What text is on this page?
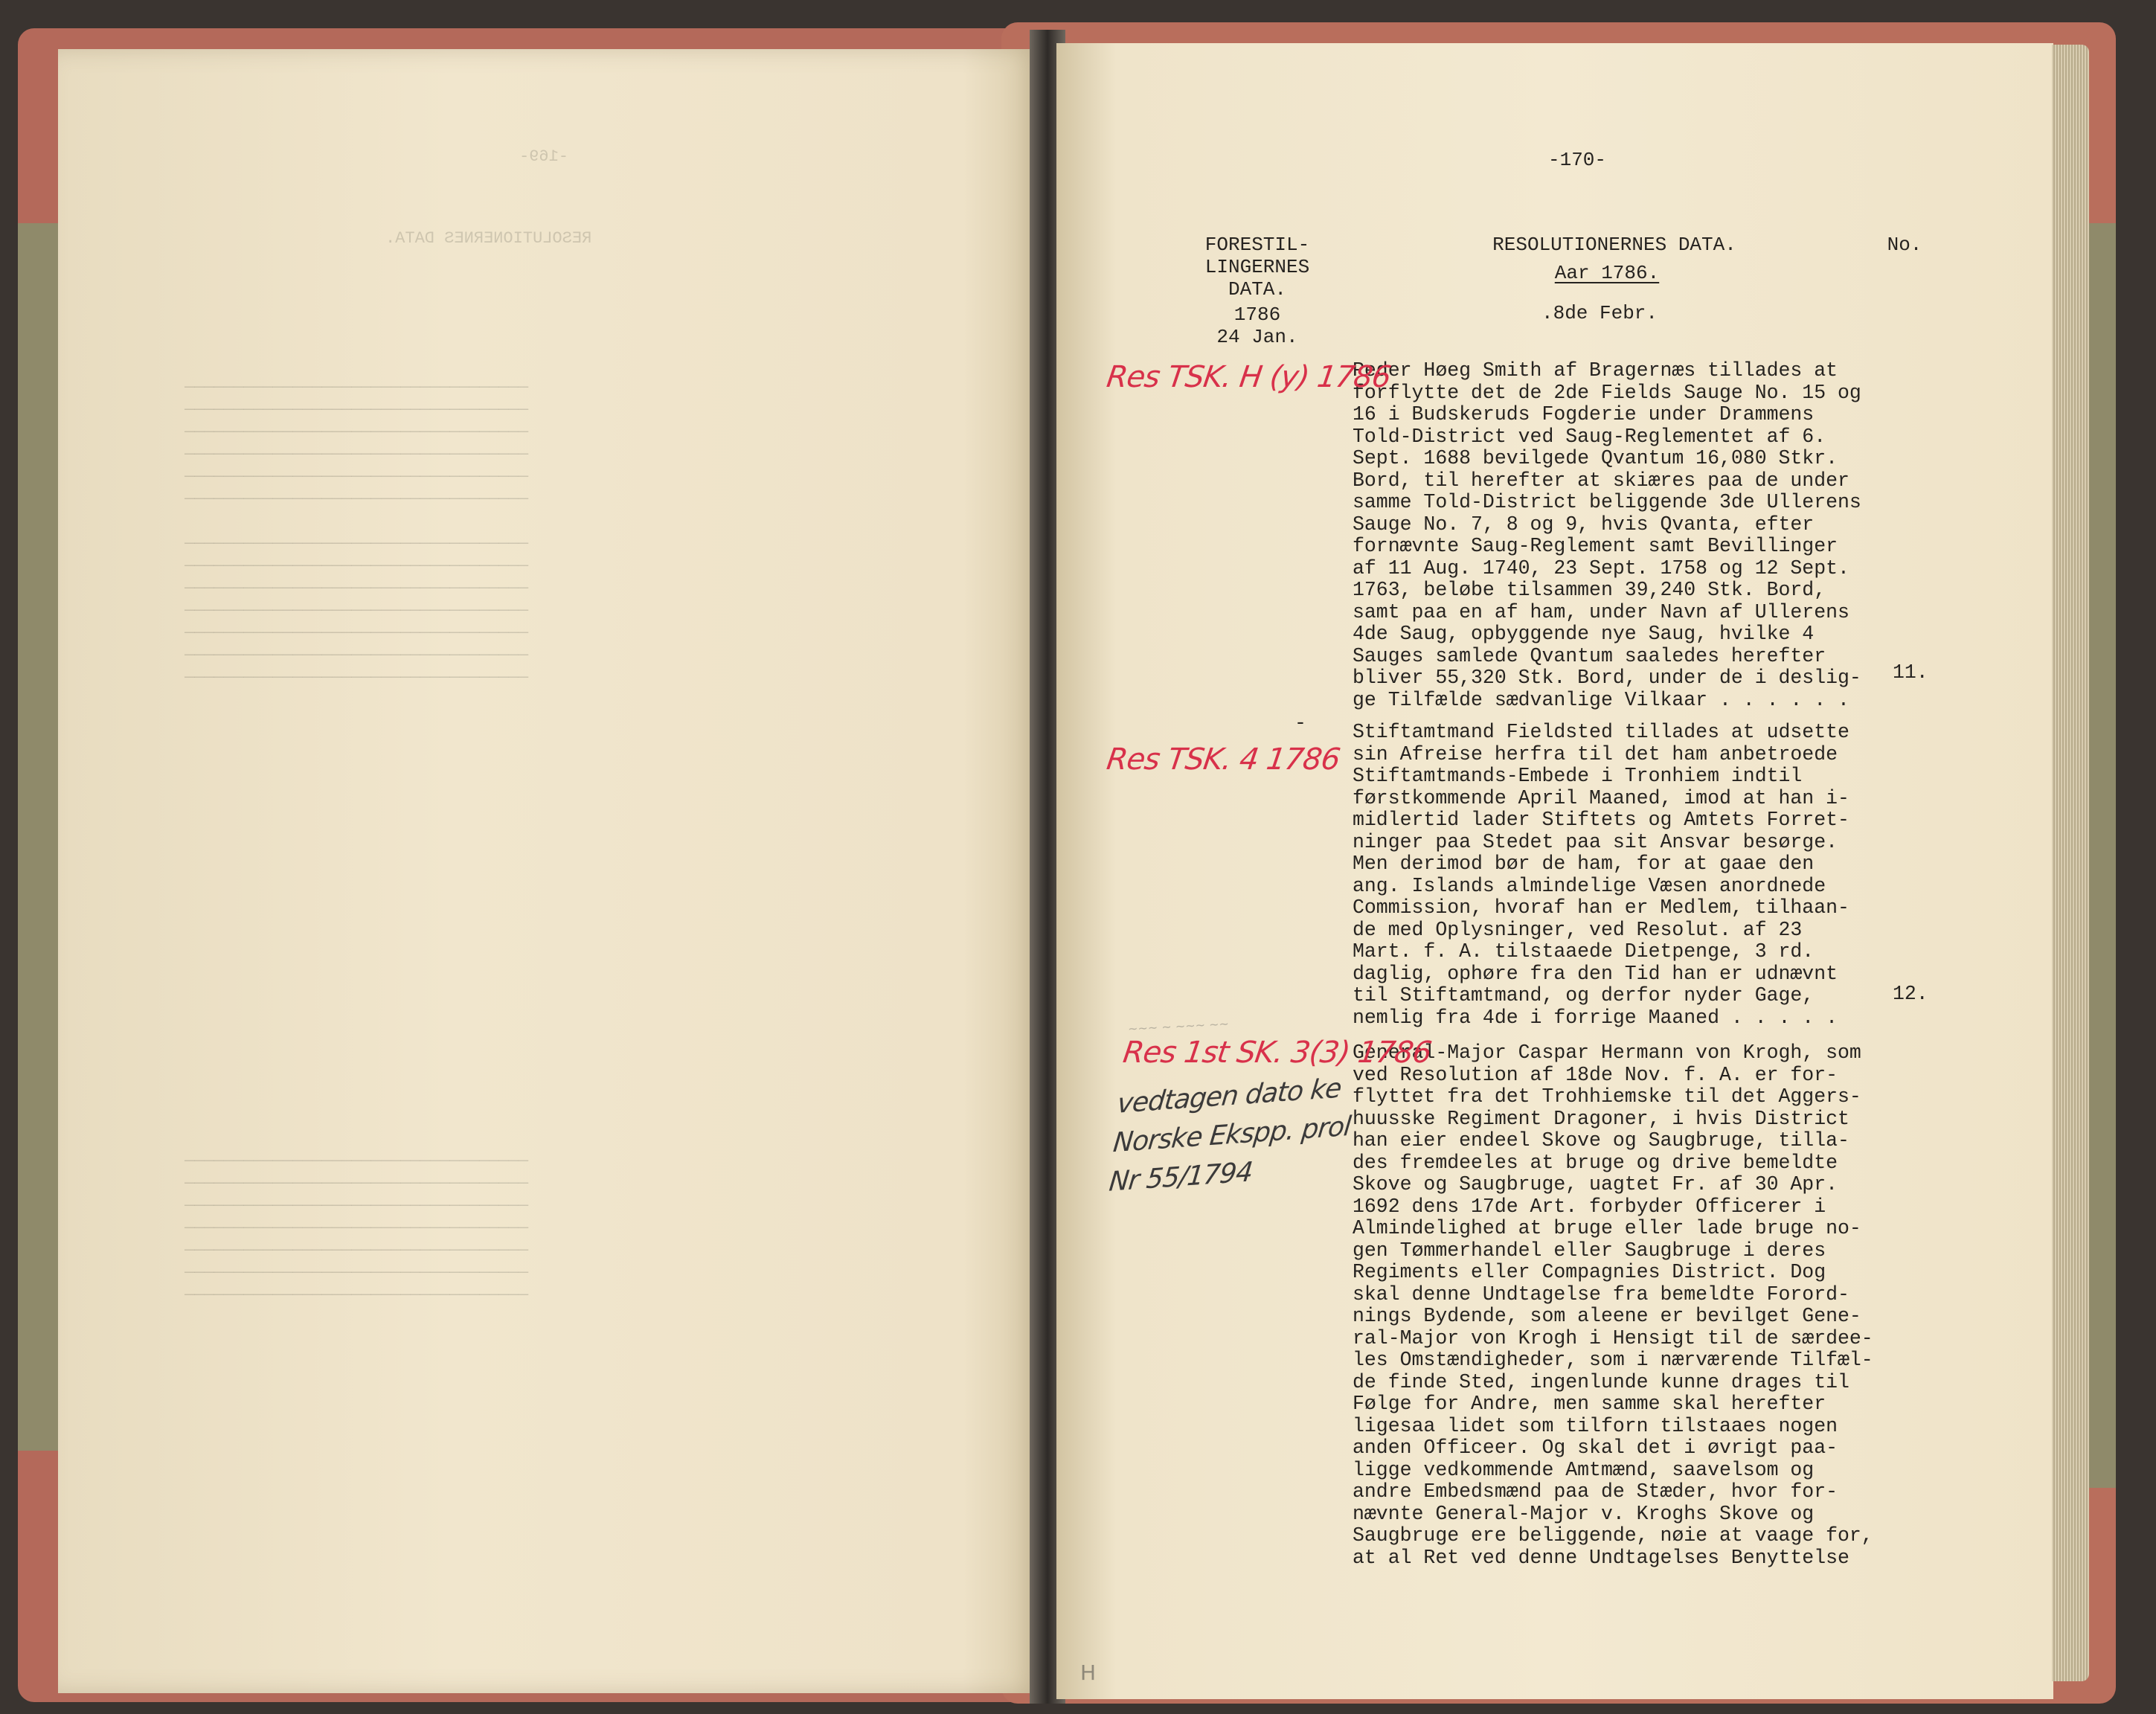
-169-
RESOLUTIONERNES DATA.
———————————————————————————————————
———————————————————————————————————
———————————————————————————————————
———————————————————————————————————
———————————————————————————————————
———————————————————————————————————

———————————————————————————————————
———————————————————————————————————
———————————————————————————————————
———————————————————————————————————
———————————————————————————————————
———————————————————————————————————
———————————————————————————————————
———————————————————————————————————
———————————————————————————————————
———————————————————————————————————
———————————————————————————————————
———————————————————————————————————
———————————————————————————————————
———————————————————————————————————
-170-
FORESTIL-
LINGERNES
DATA.
RESOLUTIONERNES DATA.
Aar 1786.
No.
1786
24 Jan.
.8de Febr.
Peder Høeg Smith af Bragernæs tillades at
forflytte det de 2de Fields Sauge No. 15 og
16 i Budskeruds Fogderie under Drammens
Told-District ved Saug-Reglementet af 6.
Sept. 1688 bevilgede Qvantum 16,080 Stkr.
Bord, til herefter at skiæres paa de under
samme Told-District beliggende 3de Ullerens
Sauge No. 7, 8 og 9, hvis Qvanta, efter
fornævnte Saug-Reglement samt Bevillinger
af 11 Aug. 1740, 23 Sept. 1758 og 12 Sept.
1763, beløbe tilsammen 39,240 Stk. Bord,
samt paa en af ham, under Navn af Ullerens
4de Saug, opbyggende nye Saug, hvilke 4
Sauges samlede Qvantum saaledes herefter
bliver 55,320 Stk. Bord, under de i deslig-
ge Tilfælde sædvanlige Vilkaar . . . . . .
11.
Res TSK. H (y) 1786
- Stiftamtmand Fieldsted tillades at udsette
sin Afreise herfra til det ham anbetroede
Stiftamtmands-Embede i Tronhiem indtil
førstkommende April Maaned, imod at han i-
midlertid lader Stiftets og Amtets Forret-
ninger paa Stedet paa sit Ansvar besørge.
Men derimod bør de ham, for at gaae den
ang. Islands almindelige Væsen anordnede
Commission, hvoraf han er Medlem, tilhaan-
de med Oplysninger, ved Resolut. af 23
Mart. f. A. tilstaaede Dietpenge, 3 rd.
daglig, ophøre fra den Tid han er udnævnt
til Stiftamtmand, og derfor nyder Gage,
nemlig fra 4de i forrige Maaned . . . . .
12.
Res TSK. 4 1786
~~~ ~ ~~~ ~~
General-Major Caspar Hermann von Krogh, som
ved Resolution af 18de Nov. f. A. er for-
flyttet fra det Trohhiemske til det Aggers-
huusske Regiment Dragoner, i hvis District
han eier endeel Skove og Saugbruge, tilla-
des fremdeeles at bruge og drive bemeldte
Skove og Saugbruge, uagtet Fr. af 30 Apr.
1692 dens 17de Art. forbyder Officerer i
Almindelighed at bruge eller lade bruge no-
gen Tømmerhandel eller Saugbruge i deres
Regiments eller Compagnies District. Dog
skal denne Undtagelse fra bemeldte Forord-
nings Bydende, som aleene er bevilget Gene-
ral-Major von Krogh i Hensigt til de særdee-
les Omstændigheder, som i nærværende Tilfæl-
de finde Sted, ingenlunde kunne drages til
Følge for Andre, men samme skal herefter
ligesaa lidet som tilforn tilstaaes nogen
anden Officeer. Og skal det i øvrigt paa-
ligge vedkommende Amtmænd, saavelsom og
andre Embedsmænd paa de Stæder, hvor for-
nævnte General-Major v. Kroghs Skove og
Saugbruge ere beliggende, nøie at vaage for,
at al Ret ved denne Undtagelses Benyttelse
Res 1st SK. 3(3) 1786
vedtagen dato ke
Norske Ekspp. prol
Nr 55/1794
H
